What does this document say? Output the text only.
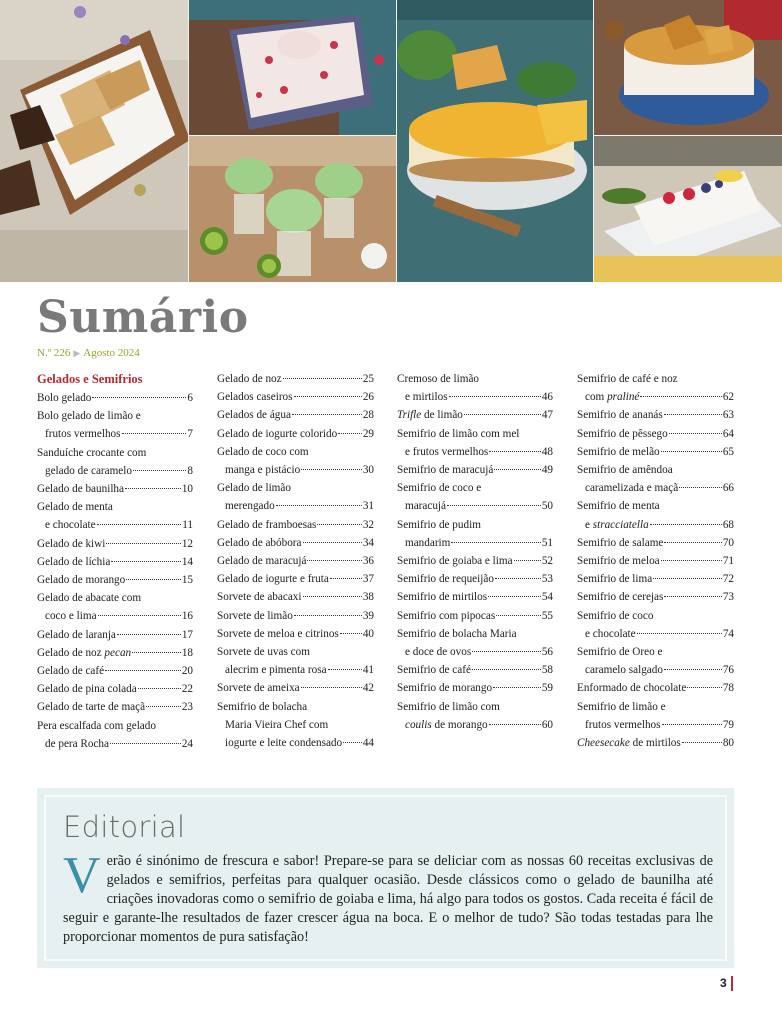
Sumário
N.º 226 ▶ Agosto 2024
Gelados e Semifrios
Bolo gelado	6
Bolo gelado de limão e
frutos vermelhos	7
Sanduíche crocante com
gelado de caramelo	8
Gelado de baunilha	10
Gelado de menta
e chocolate	11
Gelado de kiwi	12
Gelado de líchia	14
Gelado de morango	15
Gelado de abacate com
coco e lima	16
Gelado de laranja	17
Gelado de noz pecan	18
Gelado de café	20
Gelado de pina colada	22
Gelado de tarte de maçã	23
Pera escalfada com gelado
de pera Rocha	24
Gelado de noz	25
Gelados caseiros	26
Gelados de água	28
Gelado de iogurte colorido 29
Gelado de coco com
manga e pistácio	30
Gelado de limão
merengado	31
Gelado de framboesas	32
Gelado de abóbora	34
Gelado de maracujá	36
Gelado de iogurte e fruta	37
Sorvete de abacaxi	38
Sorvete de limão	39
Sorvete de meloa e citrinos 40
Sorvete de uvas com
alecrim e pimenta rosa	41
Sorvete de ameixa	42
Semifrio de bolacha
Maria Vieira Chef com
iogurte e leite condensado 44
Cremoso de limão
e mirtilos	46
Trifle de limão	47
Semifrio de limão com mel
e frutos vermelhos	48
Semifrio de maracujá	49
Semifrio de coco e
maracujá	50
Semifrio de pudim
mandarim	51
Semifrio de goiaba e lima	52
Semifrio de requeijão	53
Semifrio de mirtilos	54
Semifrio com pipocas	55
Semifrio de bolacha Maria
e doce de ovos	56
Semifrio de café	58
Semifrio de morango	59
Semifrio de limão com
coulis de morango	60
Semifrio de café e noz
com praliné	62
Semifrio de ananás	63
Semifrio de pêssego	64
Semifrio de melão	65
Semifrio de amêndoa
caramelizada e maçã	66
Semifrio de menta
e stracciatella	68
Semifrio de salame	70
Semifrio de meloa	71
Semifrio de lima	72
Semifrio de cerejas	73
Semifrio de coco
e chocolate	74
Semifrio de Oreo e
caramelo salgado	76
Enformado de chocolate	78
Semifrio de limão e
frutos vermelhos	79
Cheesecake de mirtilos	80
Editorial
Verão é sinónimo de frescura e sabor! Prepare-se para se deliciar com as nossas 60 receitas exclusivas de gelados e semifrios, perfeitas para qualquer ocasião. Desde clássicos como o gelado de baunilha até criações inovadoras como o semifrio de goiaba e lima, há algo para todos os gostos. Cada receita é fácil de seguir e garante-lhe resultados de fazer crescer água na boca. E o melhor de tudo? São todas testadas para lhe proporcionar momentos de pura satisfação!
3
